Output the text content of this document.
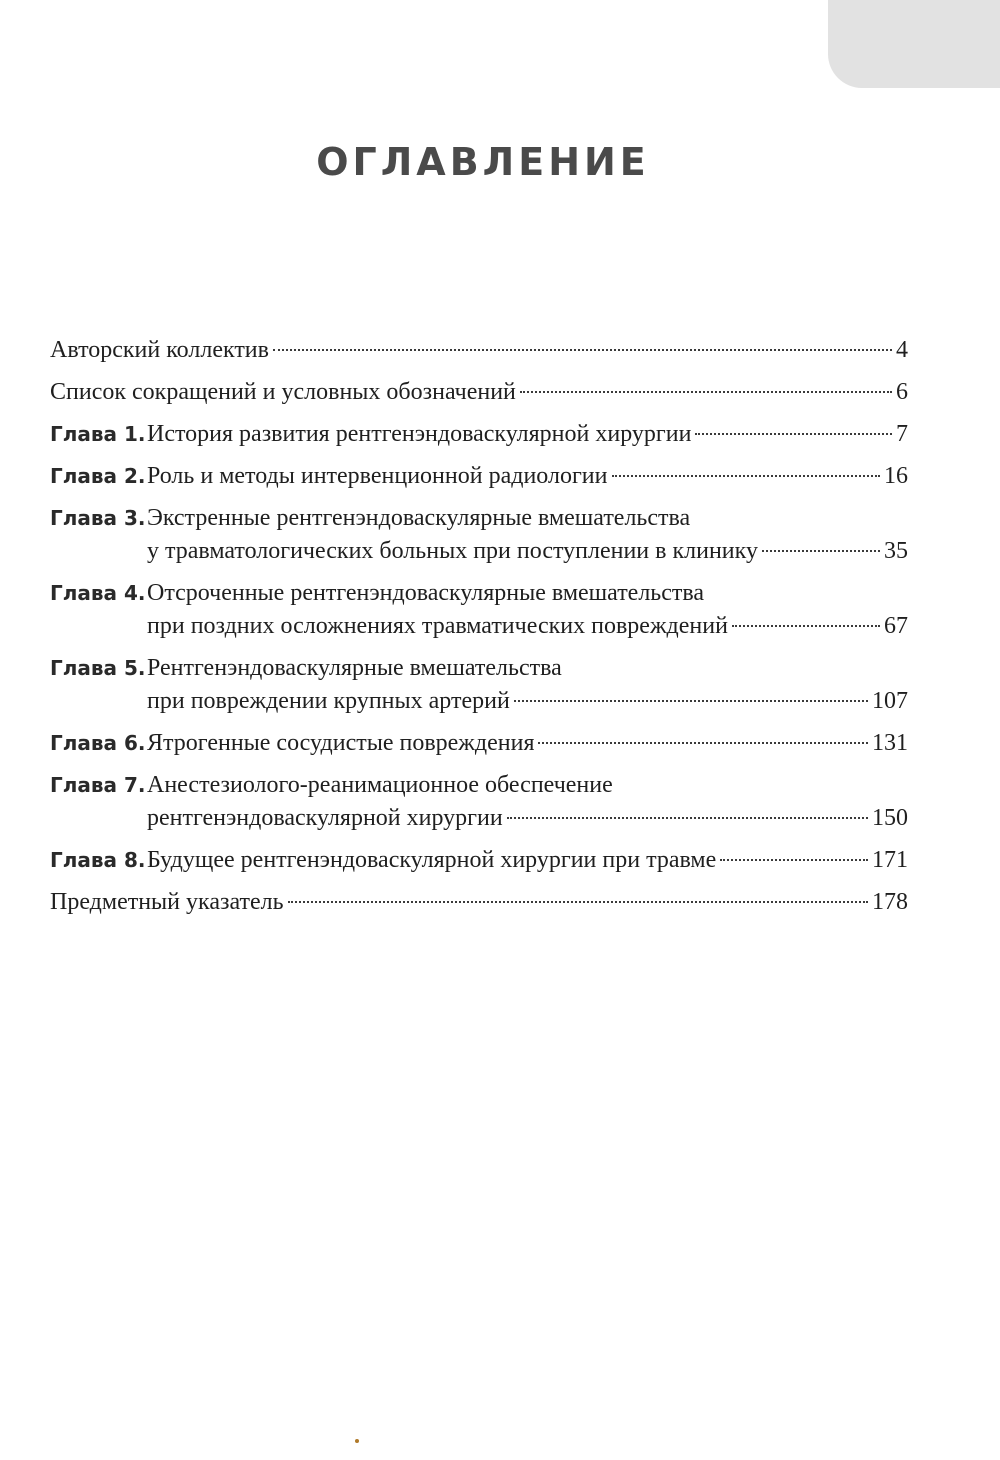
ОГЛАВЛЕНИЕ
Авторский коллектив	4
Список сокращений и условных обозначений	6
Глава 1. История развития рентгенэндоваскулярной хирургии	7
Глава 2. Роль и методы интервенционной радиологии	16
Глава 3. Экстренные рентгенэндоваскулярные вмешательства
у травматологических больных при поступлении в клинику	35
Глава 4. Отсроченные рентгенэндоваскулярные вмешательства
при поздних осложнениях травматических повреждений	67
Глава 5. Рентгенэндоваскулярные вмешательства
при повреждении крупных артерий	107
Глава 6. Ятрогенные сосудистые повреждения	131
Глава 7. Анестезиолого-реанимационное обеспечение
рентгенэндоваскулярной хирургии	150
Глава 8. Будущее рентгенэндоваскулярной хирургии при травме	171
Предметный указатель	178
